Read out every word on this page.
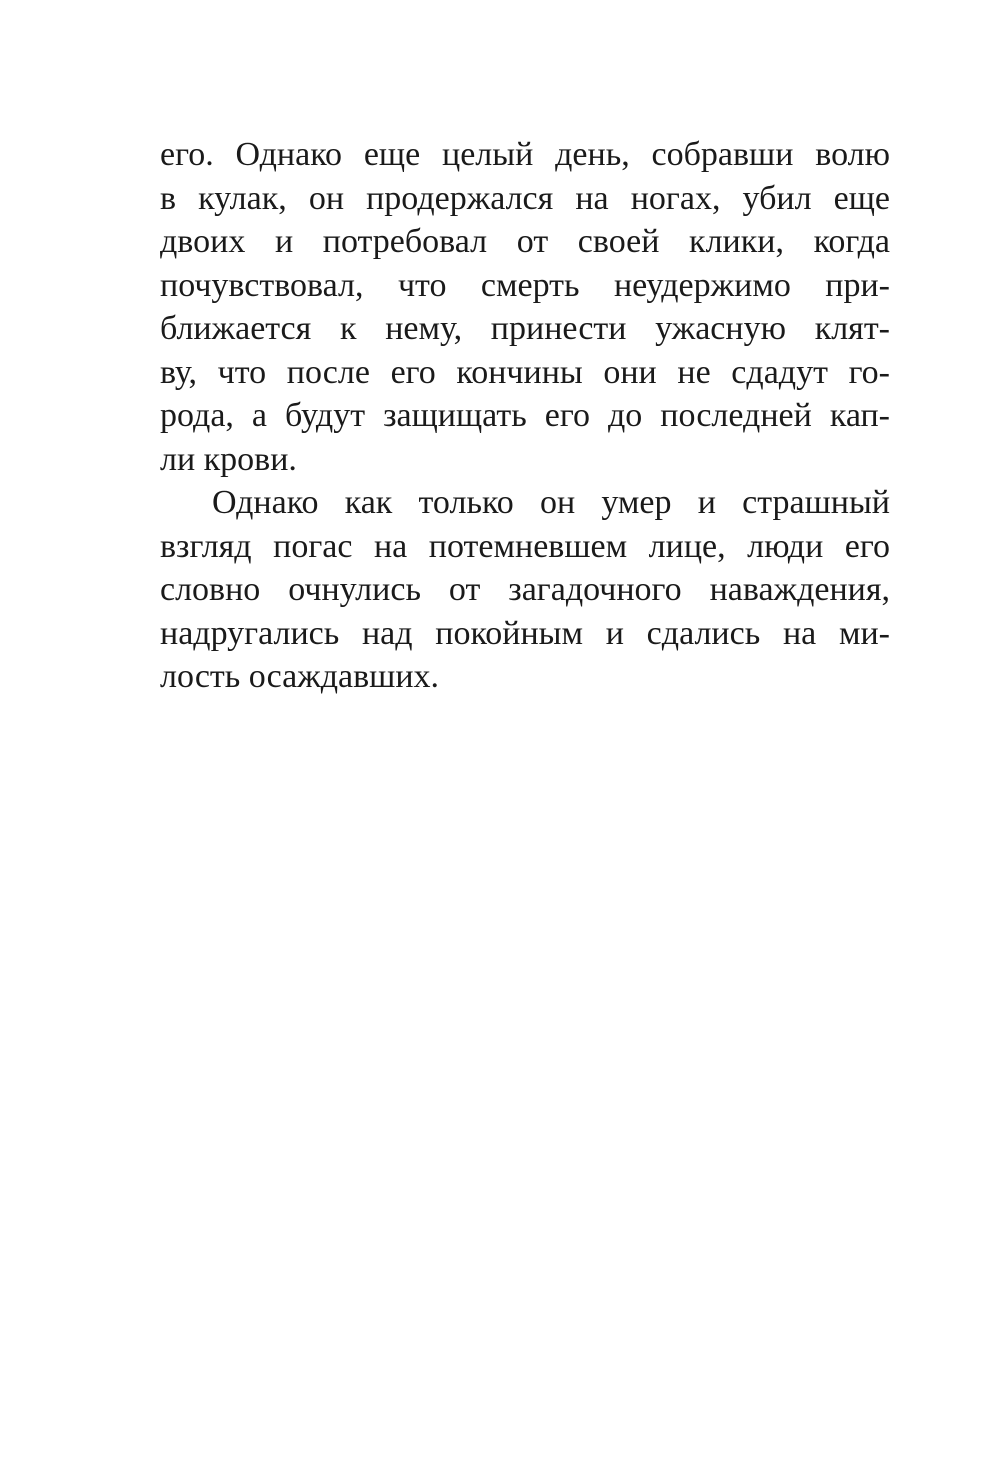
его. Однако еще целый день, собравши волю
в кулак, он продержался на ногах, убил еще
двоих и потребовал от своей клики, когда
почувствовал, что смерть неудержимо при-
ближается к нему, принести ужасную клят-
ву, что после его кончины они не сдадут го-
рода, а будут защищать его до последней кап-
ли крови.
Однако как только он умер и страшный
взгляд погас на потемневшем лице, люди его
словно очнулись от загадочного наваждения,
надругались над покойным и сдались на ми-
лость осаждавших.
